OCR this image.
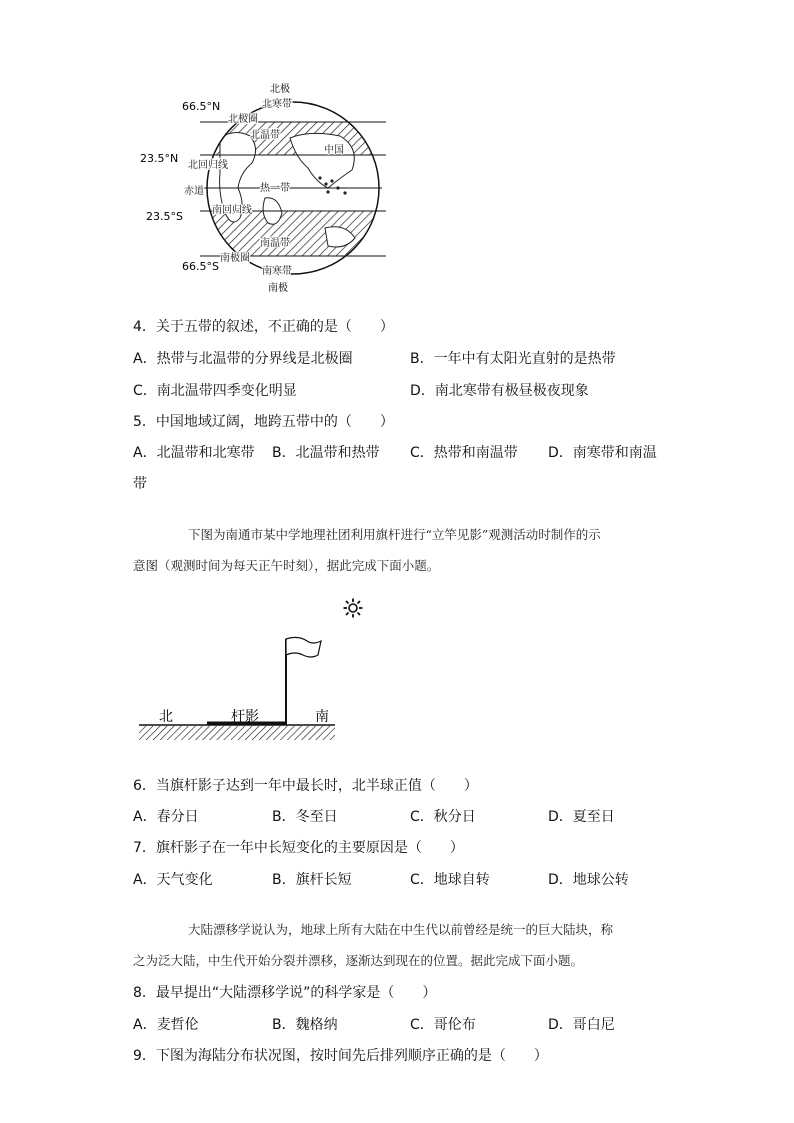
66.5°N
23.5°N
23.5°S
66.5°S
北极
北寒带
北极圈
北温带
中国
北回归线
赤道	热一带
南回归线
南温带
南极圈
南寒带
南极
4．关于五带的叙述，不正确的是（　　）
A．热带与北温带的分界线是北极圈	B．一年中有太阳光直射的是热带
C．南北温带四季变化明显	D．南北寒带有极昼极夜现象
5．中国地域辽阔，地跨五带中的（　　）
A．北温带和北寒带 B．北温带和热带 C．热带和南温带 D．南寒带和南温
带
下图为南通市某中学地理社团利用旗杆进行“立竿见影”观测活动时制作的示
意图（观测时间为每天正午时刻），据此完成下面小题。
北	杆影	南
6．当旗杆影子达到一年中最长时，北半球正值（　　）
A．春分日	B．冬至日	C．秋分日	D．夏至日
7．旗杆影子在一年中长短变化的主要原因是（　　）
A．天气变化	B．旗杆长短	C．地球自转	D．地球公转
大陆漂移学说认为，地球上所有大陆在中生代以前曾经是统一的巨大陆块，称
之为泛大陆，中生代开始分裂并漂移，逐渐达到现在的位置。据此完成下面小题。
8．最早提出“大陆漂移学说”的科学家是（　　）
A．麦哲伦	B．魏格纳	C．哥伦布	D．哥白尼
9．下图为海陆分布状况图，按时间先后排列顺序正确的是（　　）
